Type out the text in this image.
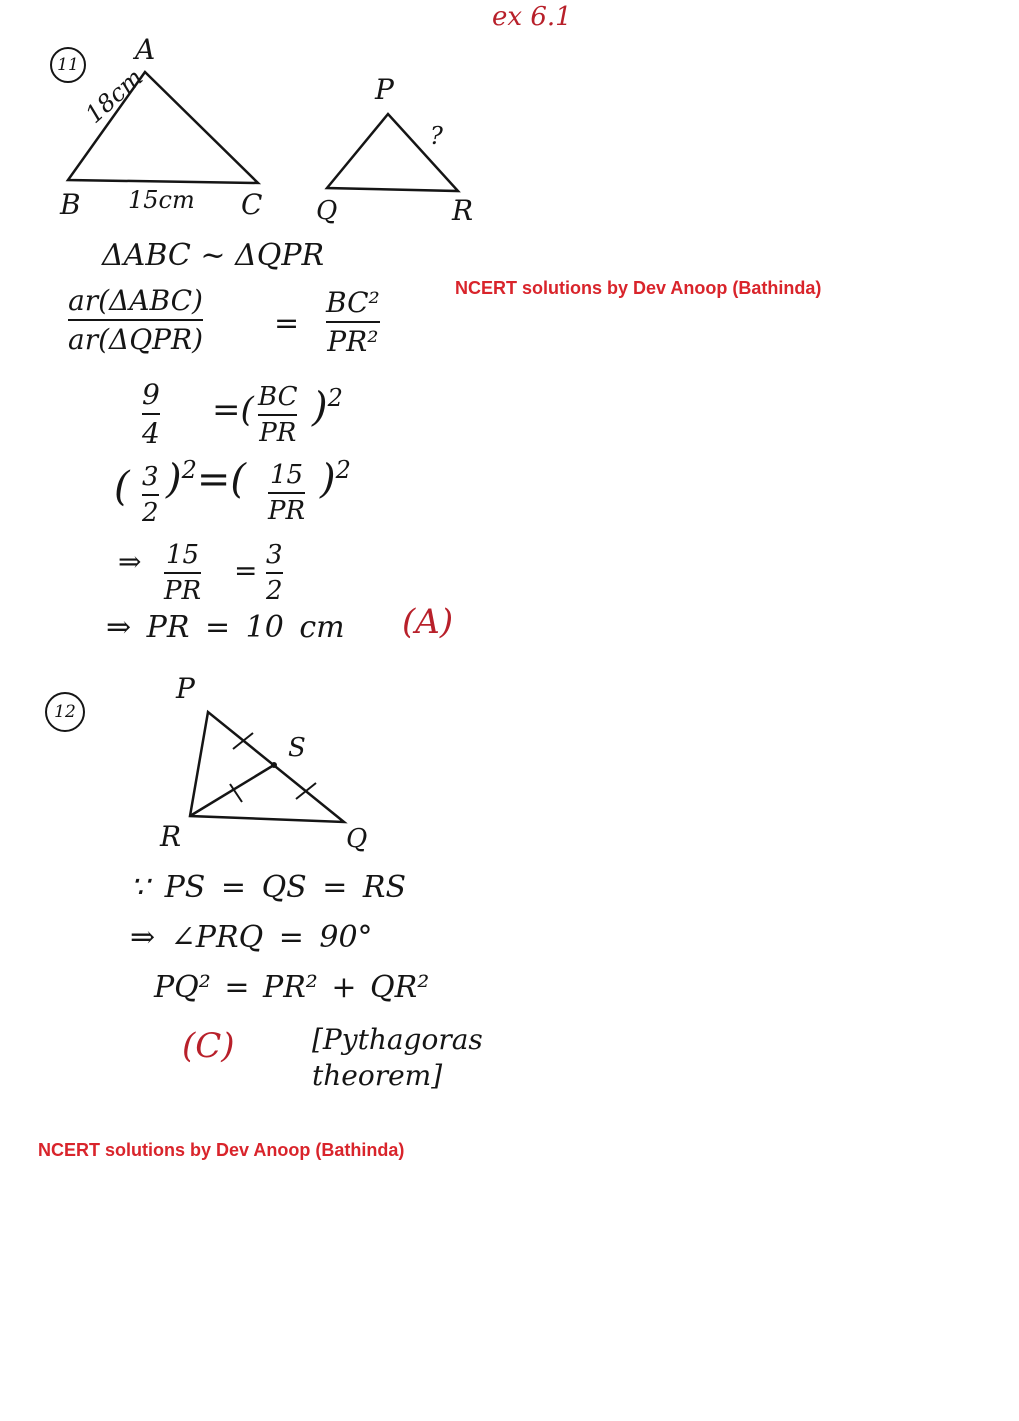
ex 6.1
11 A
B	C
P
Q	R
?
18cm
15cm
ΔABC ~ ΔQPR
ar(ΔABC)
ar(ΔQPR) =
BC²
PR²
9
4
=( BC
PR
)$^2$
( 3
2
)$^2$=( 15
PR
)$^2$
⇒ 15
PR
= 3
2
⇒ PR = 10 cm (A)
NCERT solutions by Dev Anoop (Bathinda)
12
P
S
R	Q
∵ PS = QS = RS
⇒ ∠PRQ = 90°
PQ² = PR² + QR²
(C)	[Pythagoras theorem]
NCERT solutions by Dev Anoop (Bathinda)
